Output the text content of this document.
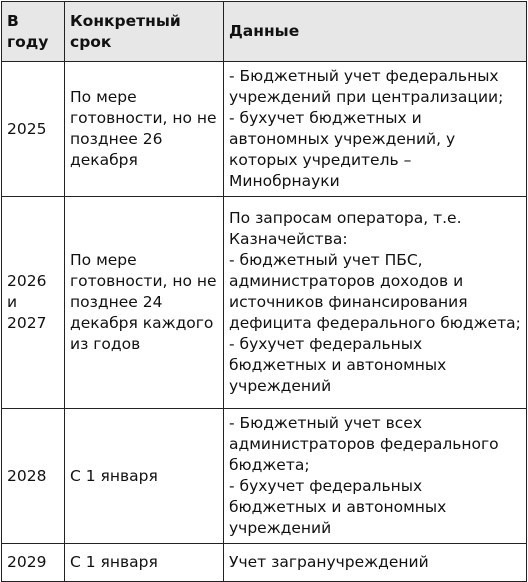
В году	Конкретный срок	Данные
2025	По мере готовности, но не позднее 26 декабря	- Бюджетный учет федеральных учреждений при централизации;
- бухучет бюджетных и автономных учреждений, у которых учредитель – Минобрнауки

2026 и 2027	По мере готовности, но не позднее 24 декабря каждого из годов	По запросам оператора, т.е. Казначейства:
- бюджетный учет ПБС, администраторов доходов и источников финансирования дефицита федерального бюджета;
- бухучет федеральных бюджетных и автономных учреждений

2028	С 1 января	- Бюджетный учет всех администраторов федерального бюджета;
- бухучет федеральных бюджетных и автономных учреждений

2029	С 1 января	Учет загранучреждений
